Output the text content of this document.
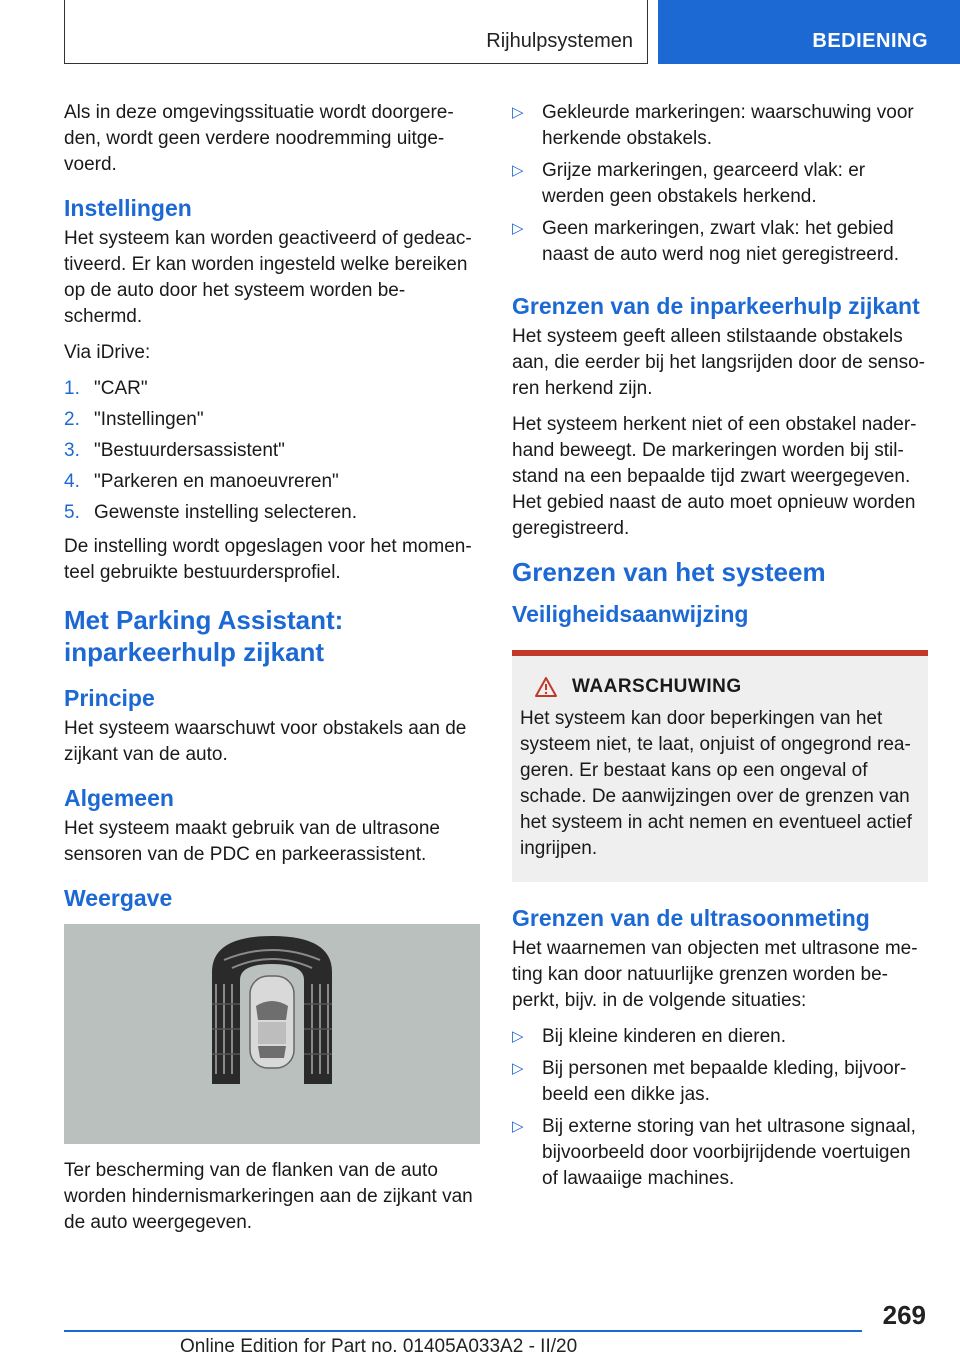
Rijhulpsystemen	BEDIENING

Als in deze omgevingssituatie wordt doorgere-den, wordt geen verdere noodremming uitge-voerd.

Instellingen

Het systeem kan worden geactiveerd of gedeac-tiveerd. Er kan worden ingesteld welke bereiken op de auto door het systeem worden be-schermd.

Via iDrive:

1. "CAR"
2. "Instellingen"
3. "Bestuurdersassistent"
4. "Parkeren en manoeuvreren"
5. Gewenste instelling selecteren.

De instelling wordt opgeslagen voor het momen-teel gebruikte bestuurdersprofiel.

Met Parking Assistant: inparkeerhulp zijkant
Principe

Het systeem waarschuwt voor obstakels aan de zijkant van de auto.

Algemeen

Het systeem maakt gebruik van de ultrasone sensoren van de PDC en parkeerassistent.

Weergave

Ter bescherming van de flanken van de auto worden hindernismarkeringen aan de zijkant van de auto weergegeven.

▷ Gekleurde markeringen: waarschuwing voor herkende obstakels.
▷ Grijze markeringen, gearceerd vlak: er werden geen obstakels herkend.
▷ Geen markeringen, zwart vlak: het gebied naast de auto werd nog niet geregistreerd.
Grenzen van de inparkeerhulp zijkant

Het systeem geeft alleen stilstaande obstakels aan, die eerder bij het langsrijden door de senso-ren herkend zijn.

Het systeem herkent niet of een obstakel nader-hand beweegt. De markeringen worden bij stil-stand na een bepaalde tijd zwart weergegeven. Het gebied naast de auto moet opnieuw worden geregistreerd.

Grenzen van het systeem
Veiligheidsaanwijzing
WAARSCHUWING

Het systeem kan door beperkingen van het systeem niet, te laat, onjuist of ongegrond rea-geren. Er bestaat kans op een ongeval of schade. De aanwijzingen over de grenzen van het systeem in acht nemen en eventueel actief ingrijpen.

Grenzen van de ultrasoonmeting

Het waarnemen van objecten met ultrasone me-ting kan door natuurlijke grenzen worden be-perkt, bijv. in de volgende situaties:

▷ Bij kleine kinderen en dieren.
▷ Bij personen met bepaalde kleding, bijvoor-beeld een dikke jas.
▷ Bij externe storing van het ultrasone signaal, bijvoorbeeld door voorbijrijdende voertuigen of lawaaiige machines.
269
Online Edition for Part no. 01405A033A2 - II/20
